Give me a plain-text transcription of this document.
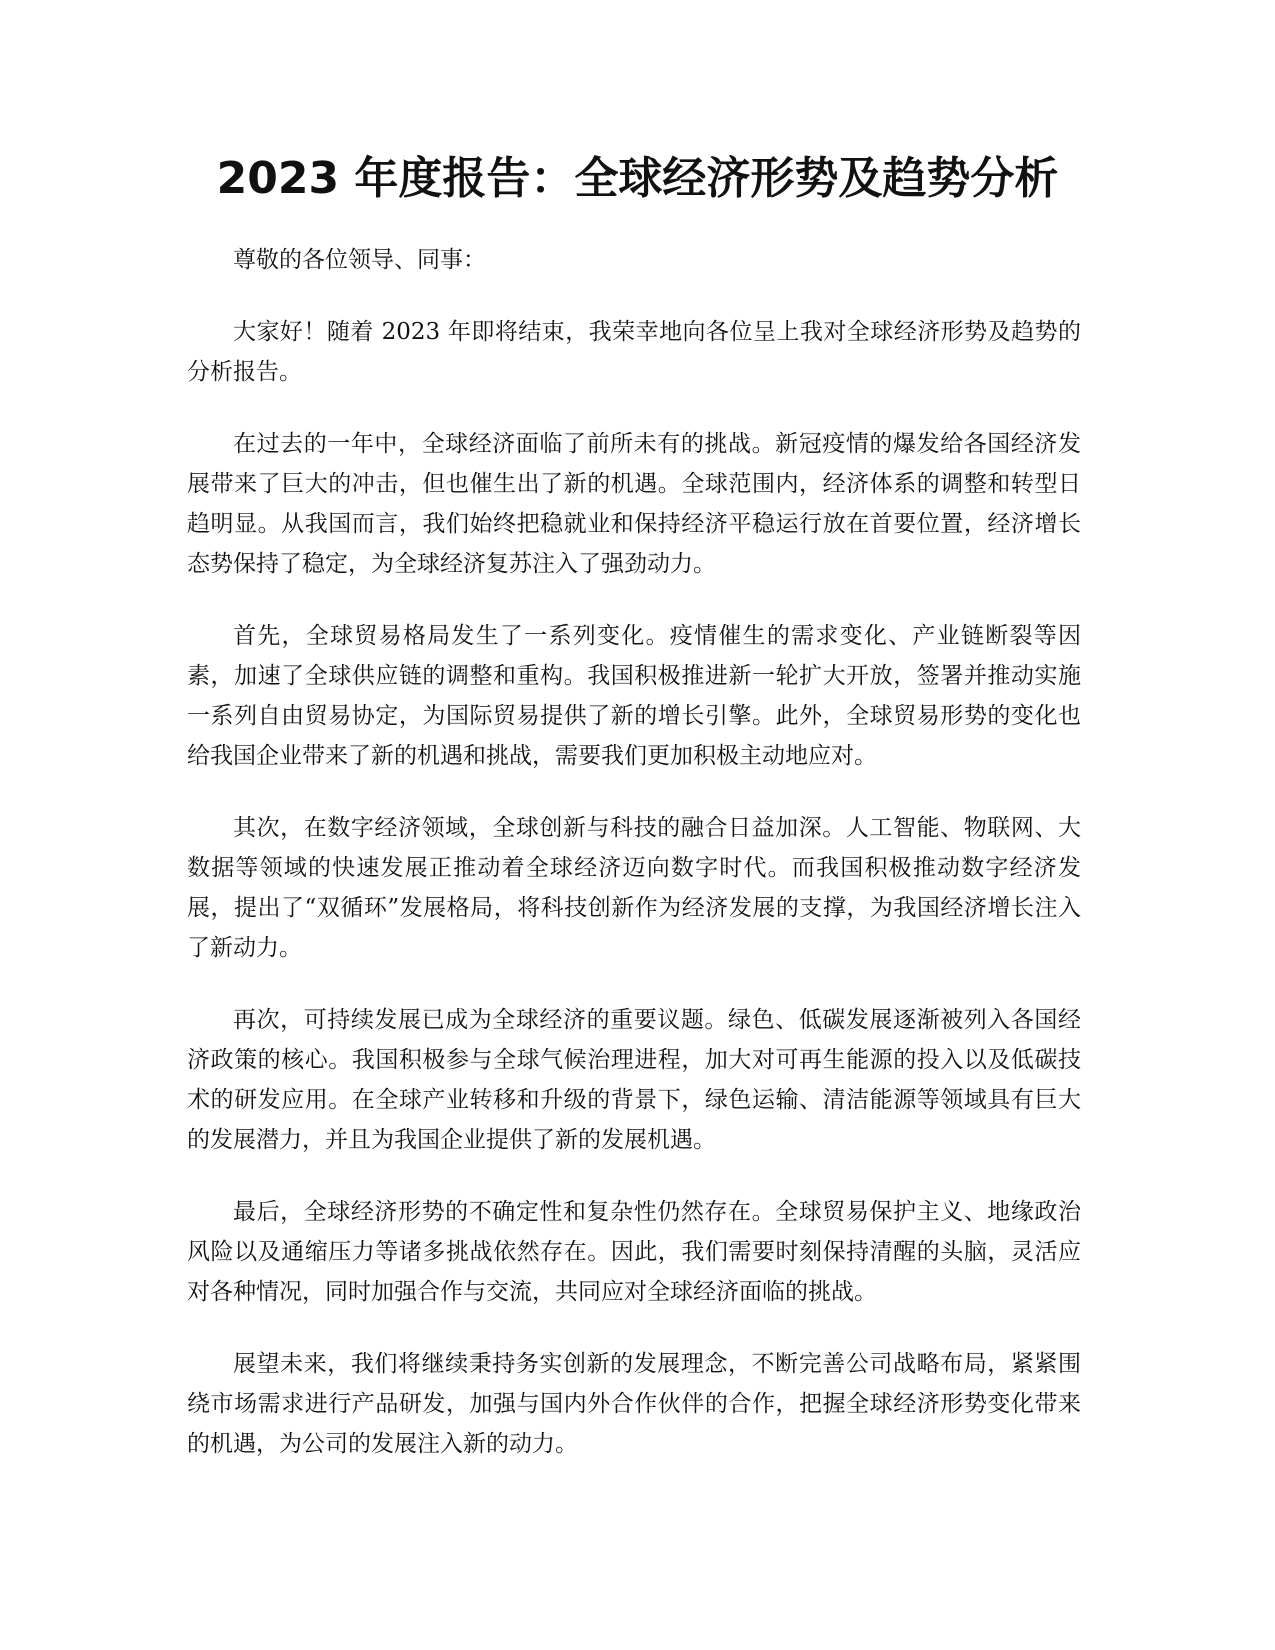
2023 年度报告：全球经济形势及趋势分析

尊敬的各位领导、同事：

大家好！随着 2023 年即将结束，我荣幸地向各位呈上我对全球经济形势及趋势的分析报告。

在过去的一年中，全球经济面临了前所未有的挑战。新冠疫情的爆发给各国经济发展带来了巨大的冲击，但也催生出了新的机遇。全球范围内，经济体系的调整和转型日趋明显。从我国而言，我们始终把稳就业和保持经济平稳运行放在首要位置，经济增长态势保持了稳定，为全球经济复苏注入了强劲动力。

首先，全球贸易格局发生了一系列变化。疫情催生的需求变化、产业链断裂等因素，加速了全球供应链的调整和重构。我国积极推进新一轮扩大开放，签署并推动实施一系列自由贸易协定，为国际贸易提供了新的增长引擎。此外，全球贸易形势的变化也给我国企业带来了新的机遇和挑战，需要我们更加积极主动地应对。

其次，在数字经济领域，全球创新与科技的融合日益加深。人工智能、物联网、大数据等领域的快速发展正推动着全球经济迈向数字时代。而我国积极推动数字经济发展，提出了“双循环”发展格局，将科技创新作为经济发展的支撑，为我国经济增长注入了新动力。

再次，可持续发展已成为全球经济的重要议题。绿色、低碳发展逐渐被列入各国经济政策的核心。我国积极参与全球气候治理进程，加大对可再生能源的投入以及低碳技术的研发应用。在全球产业转移和升级的背景下，绿色运输、清洁能源等领域具有巨大的发展潜力，并且为我国企业提供了新的发展机遇。

最后，全球经济形势的不确定性和复杂性仍然存在。全球贸易保护主义、地缘政治风险以及通缩压力等诸多挑战依然存在。因此，我们需要时刻保持清醒的头脑，灵活应对各种情况，同时加强合作与交流，共同应对全球经济面临的挑战。

展望未来，我们将继续秉持务实创新的发展理念，不断完善公司战略布局，紧紧围绕市场需求进行产品研发，加强与国内外合作伙伴的合作，把握全球经济形势变化带来的机遇，为公司的发展注入新的动力。
